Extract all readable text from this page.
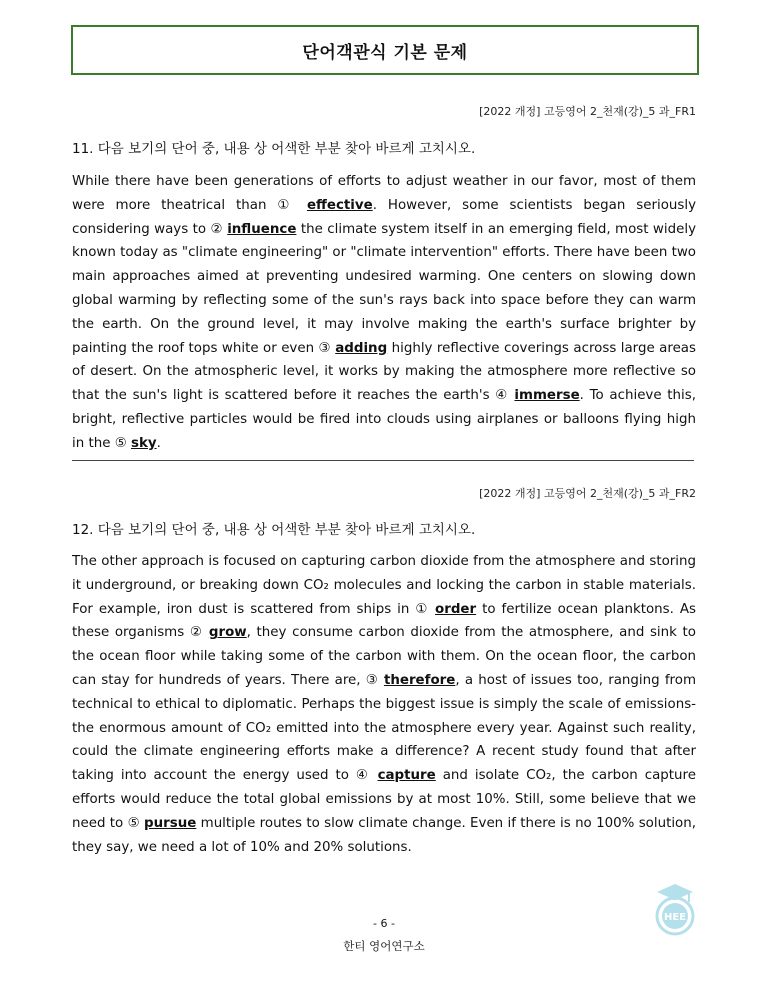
단어객관식 기본 문제
[2022 개정] 고등영어 2_천재(강)_5 과_FR1
11. 다음 보기의 단어 중, 내용 상 어색한 부분 찾아 바르게 고치시오.
While there have been generations of efforts to adjust weather in our favor, most of them were more theatrical than ① effective. However, some scientists began seriously considering ways to ② influence the climate system itself in an emerging field, most widely known today as "climate engineering" or "climate intervention" efforts. There have been two main approaches aimed at preventing undesired warming. One centers on slowing down global warming by reflecting some of the sun's rays back into space before they can warm the earth. On the ground level, it may involve making the earth's surface brighter by painting the roof tops white or even ③ adding highly reflective coverings across large areas of desert. On the atmospheric level, it works by making the atmosphere more reflective so that the sun's light is scattered before it reaches the earth's ④ immerse. To achieve this, bright, reflective particles would be fired into clouds using airplanes or balloons flying high in the ⑤ sky.
[2022 개정] 고등영어 2_천재(강)_5 과_FR2
12. 다음 보기의 단어 중, 내용 상 어색한 부분 찾아 바르게 고치시오.
The other approach is focused on capturing carbon dioxide from the atmosphere and storing it underground, or breaking down CO₂ molecules and locking the carbon in stable materials. For example, iron dust is scattered from ships in ① order to fertilize ocean planktons. As these organisms ② grow, they consume carbon dioxide from the atmosphere, and sink to the ocean floor while taking some of the carbon with them. On the ocean floor, the carbon can stay for hundreds of years. There are, ③ therefore, a host of issues too, ranging from technical to ethical to diplomatic. Perhaps the biggest issue is simply the scale of emissions-the enormous amount of CO₂ emitted into the atmosphere every year. Against such reality, could the climate engineering efforts make a difference? A recent study found that after taking into account the energy used to ④ capture and isolate CO₂, the carbon capture efforts would reduce the total global emissions by at most 10%. Still, some believe that we need to ⑤ pursue multiple routes to slow climate change. Even if there is no 100% solution, they say, we need a lot of 10% and 20% solutions.
- 6 -
한티 영어연구소
HEE
